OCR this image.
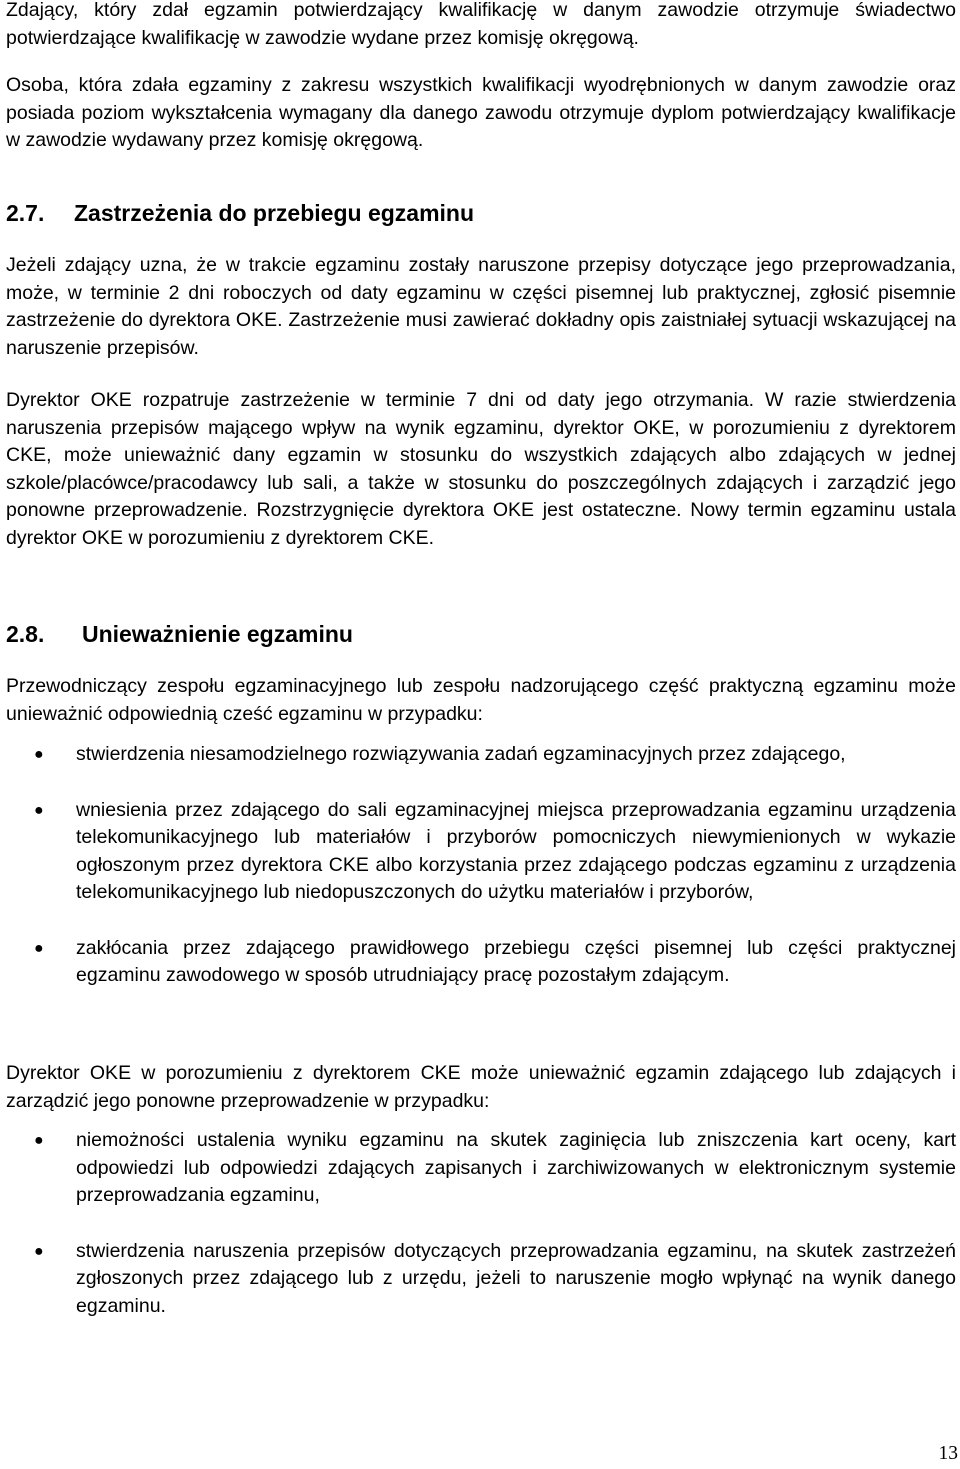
Zdający, który zdał egzamin potwierdzający kwalifikację w danym zawodzie otrzymuje świadectwo potwierdzające kwalifikację w zawodzie wydane przez komisję okręgową.

Osoba, która zdała egzaminy z zakresu wszystkich kwalifikacji wyodrębnionych w danym zawodzie oraz posiada poziom wykształcenia wymagany dla danego zawodu otrzymuje dyplom potwierdzający kwalifikacje w zawodzie wydawany przez komisję okręgową.

2.7.	Zastrzeżenia do przebiegu egzaminu

Jeżeli zdający uzna, że w trakcie egzaminu zostały naruszone przepisy dotyczące jego przeprowadzania, może, w terminie 2 dni roboczych od daty egzaminu w części pisemnej lub praktycznej, zgłosić pisemnie zastrzeżenie do dyrektora OKE. Zastrzeżenie musi zawierać dokładny opis zaistniałej sytuacji wskazującej na naruszenie przepisów.

Dyrektor OKE rozpatruje zastrzeżenie w terminie 7 dni od daty jego otrzymania. W razie stwierdzenia naruszenia przepisów mającego wpływ na wynik egzaminu, dyrektor OKE, w porozumieniu z dyrektorem CKE, może unieważnić dany egzamin w stosunku do wszystkich zdających albo zdających w jednej szkole/placówce/pracodawcy lub sali, a także w stosunku do poszczególnych zdających i zarządzić jego ponowne przeprowadzenie. Rozstrzygnięcie dyrektora OKE jest ostateczne. Nowy termin egzaminu ustala dyrektor OKE w porozumieniu z dyrektorem CKE.

2.8.	Unieważnienie egzaminu

Przewodniczący zespołu egzaminacyjnego lub zespołu nadzorującego część praktyczną egzaminu może unieważnić odpowiednią cześć egzaminu w przypadku:

● stwierdzenia niesamodzielnego rozwiązywania zadań egzaminacyjnych przez zdającego,
● wniesienia przez zdającego do sali egzaminacyjnej miejsca przeprowadzania egzaminu urządzenia telekomunikacyjnego lub materiałów i przyborów pomocniczych niewymienionych w wykazie ogłoszonym przez dyrektora CKE albo korzystania przez zdającego podczas egzaminu z urządzenia telekomunikacyjnego lub niedopuszczonych do użytku materiałów i przyborów,
● zakłócania przez zdającego prawidłowego przebiegu części pisemnej lub części praktycznej egzaminu zawodowego w sposób utrudniający pracę pozostałym zdającym.

Dyrektor OKE w porozumieniu z dyrektorem CKE może unieważnić egzamin zdającego lub zdających i zarządzić jego ponowne przeprowadzenie w przypadku:

● niemożności ustalenia wyniku egzaminu na skutek zaginięcia lub zniszczenia kart oceny, kart odpowiedzi lub odpowiedzi zdających zapisanych i zarchiwizowanych w elektronicznym systemie przeprowadzania egzaminu,
● stwierdzenia naruszenia przepisów dotyczących przeprowadzania egzaminu, na skutek zastrzeżeń zgłoszonych przez zdającego lub z urzędu, jeżeli to naruszenie mogło wpłynąć na wynik danego egzaminu.
13
